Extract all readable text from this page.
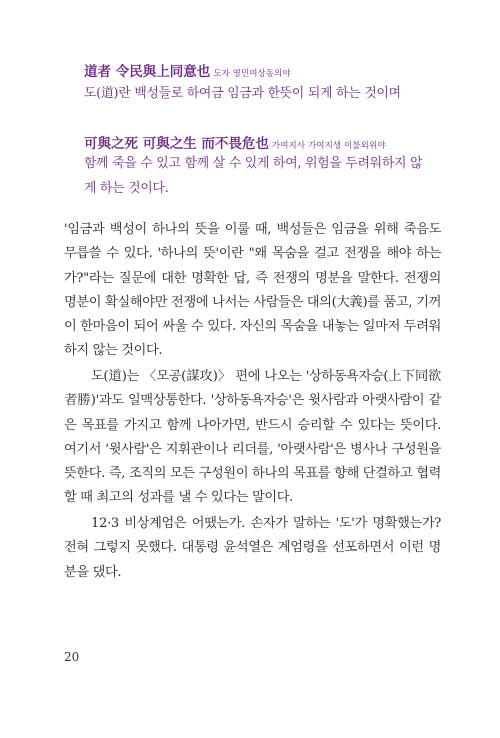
道者 令民與上同意也 도자 영민여상동의야
도(道)란 백성들로 하여금 임금과 한뜻이 되게 하는 것이며
可與之死 可與之生 而不畏危也 가여지사 가여지생 이불외위야
함께 죽을 수 있고 함께 살 수 있게 하여, 위험을 두려워하지 않게 하는 것이다.
'임금과 백성이 하나의 뜻을 이룰 때, 백성들은 임금을 위해 죽음도 무릅쓸 수 있다. '하나의 뜻'이란 "왜 목숨을 걸고 전쟁을 해야 하는가?"라는 질문에 대한 명확한 답, 즉 전쟁의 명분을 말한다. 전쟁의 명분이 확실해야만 전쟁에 나서는 사람들은 대의(大義)를 품고, 기꺼이 한마음이 되어 싸울 수 있다. 자신의 목숨을 내놓는 일마저 두려워하지 않는 것이다.
도(道)는 〈모공(謀攻)〉 편에 나오는 '상하동욕자승(上下同欲者勝)'과도 일맥상통한다. '상하동욕자승'은 윗사람과 아랫사람이 같은 목표를 가지고 함께 나아가면, 반드시 승리할 수 있다는 뜻이다. 여기서 '윗사람'은 지휘관이나 리더를, '아랫사람'은 병사나 구성원을 뜻한다. 즉, 조직의 모든 구성원이 하나의 목표를 향해 단결하고 협력할 때 최고의 성과를 낼 수 있다는 말이다.
12·3 비상계엄은 어땠는가. 손자가 말하는 '도'가 명확했는가? 전혀 그렇지 못했다. 대통령 윤석열은 계엄령을 선포하면서 이런 명분을 댔다.
20
